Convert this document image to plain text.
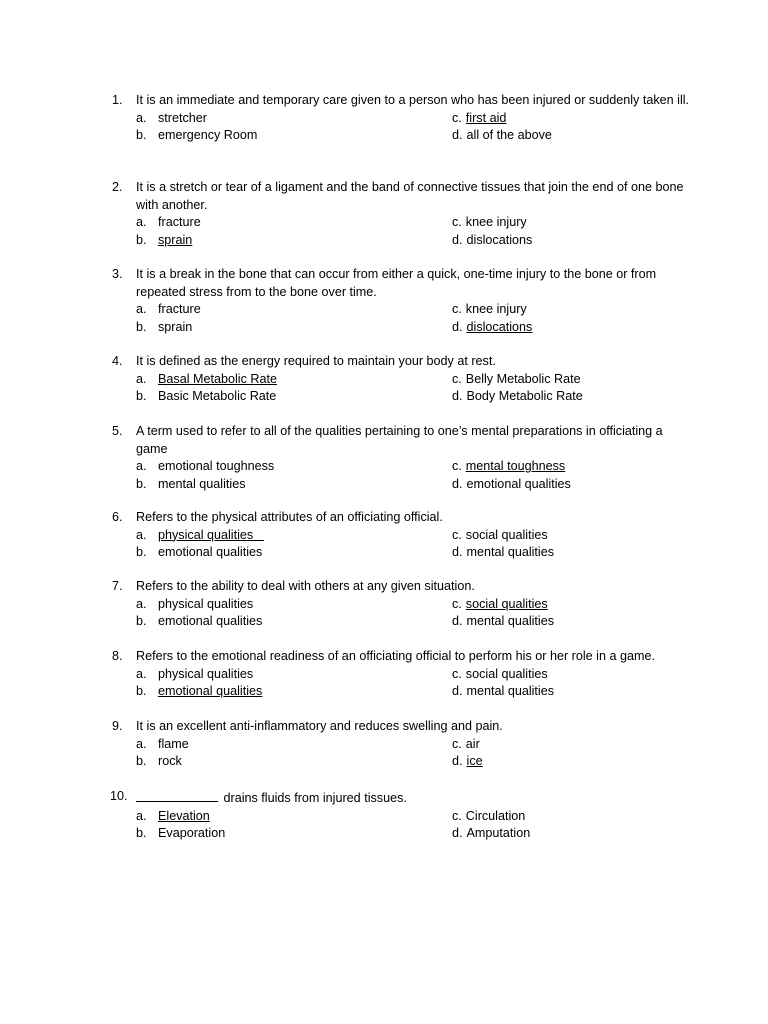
1.	It is an immediate and temporary care given to a person who has been injured or suddenly taken ill.
a. stretcher	c. first aid
b. emergency Room	d. all of the above
2.	It is a stretch or tear of a ligament and the band of connective tissues that join the end of one bone with another.
a. fracture	c. knee injury
b. sprain	d. dislocations
3.	It is a break in the bone that can occur from either a quick, one-time injury to the bone or from repeated stress from to the bone over time.
a. fracture	c. knee injury
b. sprain	d. dislocations
4.	It is defined as the energy required to maintain your body at rest.
a. Basal Metabolic Rate	c. Belly Metabolic Rate
b. Basic Metabolic Rate	d. Body Metabolic Rate
5.	A term used to refer to all of the qualities pertaining to one’s mental preparations in officiating a game
a. emotional toughness	c. mental toughness
b. mental qualities	d. emotional qualities
6.	Refers to the physical attributes of an officiating official.
a. physical qualities	c. social qualities
b. emotional qualities	d. mental qualities
7.	Refers to the ability to deal with others at any given situation.
a. physical qualities	c. social qualities
b. emotional qualities	d. mental qualities
8.	Refers to the emotional readiness of an officiating official to perform his or her role in a game.
a. physical qualities	c. social qualities
b. emotional qualities	d. mental qualities
9.	It is an excellent anti-inflammatory and reduces swelling and pain.
a. flame	c. air
b. rock	d. ice
10.	drains fluids from injured tissues.
a. Elevation	c. Circulation
b. Evaporation	d. Amputation
